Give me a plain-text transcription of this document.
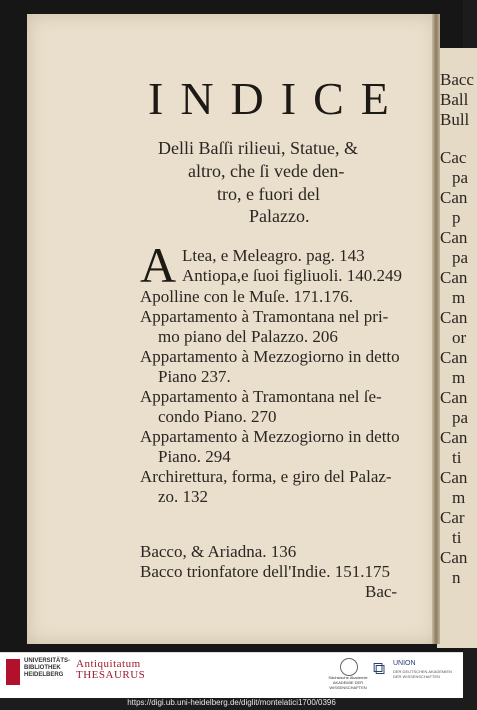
INDICE
Delli Baſſi rilieui, Statue, &
altro, che ſi vede den-
tro, e fuori del
Palazzo.
A Ltea, e Meleagro. pag. 143
Antiopa,e ſuoi figliuoli. 140.249
Apolline con le Muſe. 171.176.
Appartamento à Tramontana nel pri-
mo piano del Palazzo. 206
Appartamento à Mezzogiorno in detto
Piano 237.
Appartamento à Tramontana nel ſe-
condo Piano. 270
Appartamento à Mezzogiorno in detto
Piano. 294
Archirettura, forma, e giro del Palaz-
zo. 132
Bacco, & Ariadna. 136
Bacco trionfatore dell'Indie. 151.175
Bac-
Bacc
Ball
Bull
Cac
pa
Can
p
Can
pa
Can
m
Can
or
Can
m
Can
pa
Can
ti
Can
m
Car
ti
Can
n
UNIVERSITÄTS-
BIBLIOTHEK
HEIDELBERG
Antiquitatum
THESAURUS	Sächsische Akademie
AKADEMIE DER WISSENSCHAFTEN
⧉ UNION
DER DEUTSCHEN AKADEMIEN
DER WISSENSCHAFTEN
https://digi.ub.uni-heidelberg.de/diglit/montelatici1700/0396
